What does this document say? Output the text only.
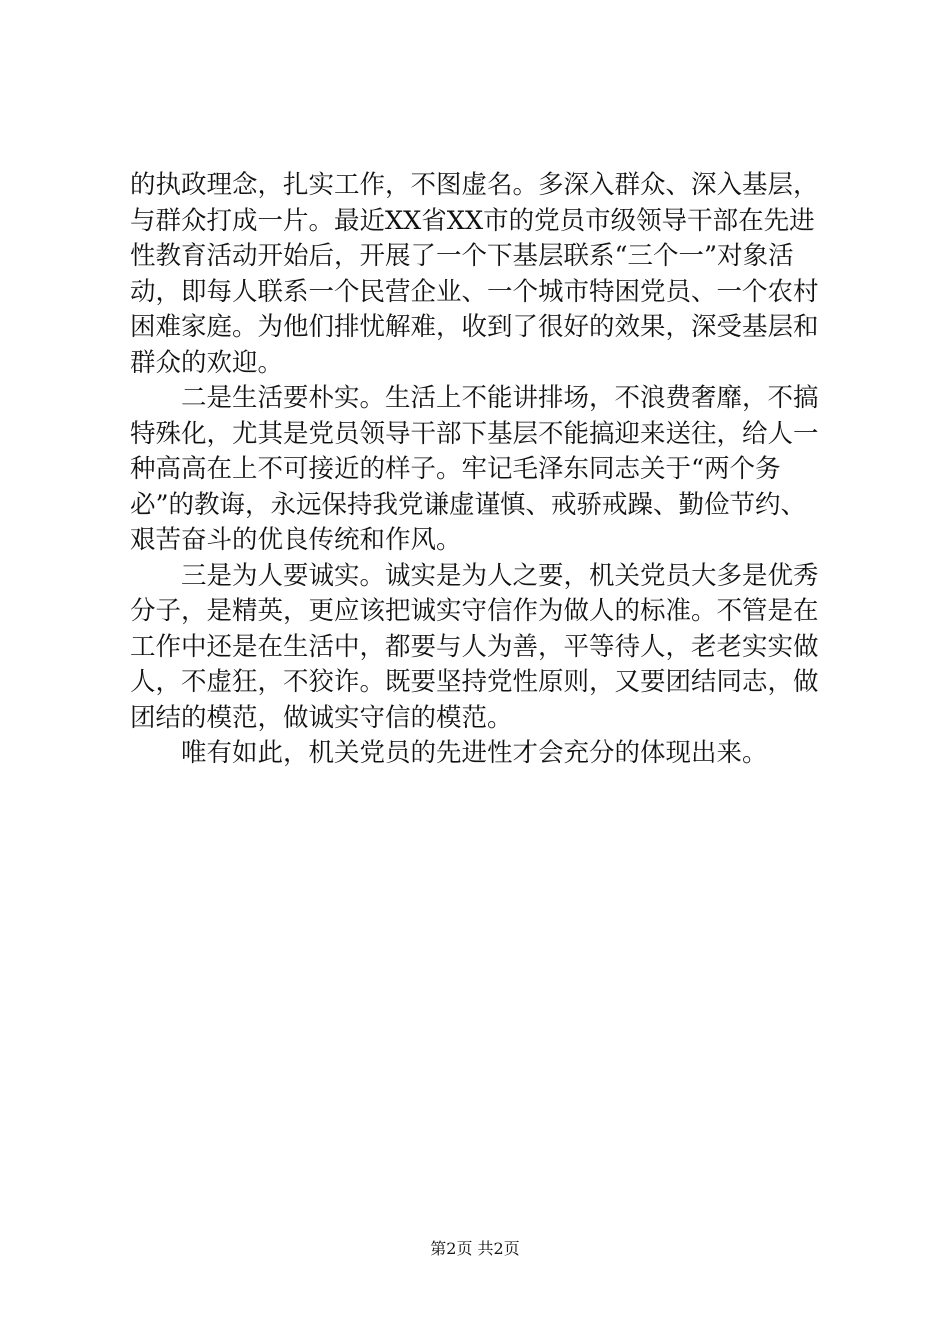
的执政理念，扎实工作，不图虚名。多深入群众、深入基层，
与群众打成一片。最近XX省XX市的党员市级领导干部在先进
性教育活动开始后，开展了一个下基层联系“三个一”对象活
动，即每人联系一个民营企业、一个城市特困党员、一个农村
困难家庭。为他们排忧解难，收到了很好的效果，深受基层和
群众的欢迎。
　　二是生活要朴实。生活上不能讲排场，不浪费奢靡，不搞
特殊化，尤其是党员领导干部下基层不能搞迎来送往，给人一
种高高在上不可接近的样子。牢记毛泽东同志关于“两个务
必”的教诲，永远保持我党谦虚谨慎、戒骄戒躁、勤俭节约、
艰苦奋斗的优良传统和作风。
　　三是为人要诚实。诚实是为人之要，机关党员大多是优秀
分子，是精英，更应该把诚实守信作为做人的标准。不管是在
工作中还是在生活中，都要与人为善，平等待人，老老实实做
人，不虚狂，不狡诈。既要坚持党性原则，又要团结同志，做
团结的模范，做诚实守信的模范。
　　唯有如此，机关党员的先进性才会充分的体现出来。
第2页 共2页
